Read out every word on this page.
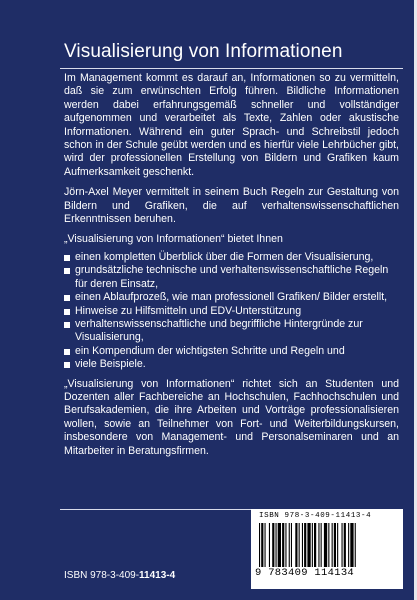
Visualisierung von Informationen

Im Management kommt es darauf an, Informationen so zu vermitteln, daß sie zum erwünschten Erfolg führen. Bildliche Informationen werden dabei erfahrungsgemäß schneller und vollständiger aufgenommen und verarbeitet als Texte, Zahlen oder akustische Informationen. Während ein guter Sprach- und Schreibstil jedoch schon in der Schule geübt werden und es hierfür viele Lehrbücher gibt, wird der professionellen Erstellung von Bildern und Grafiken kaum Aufmerksamkeit geschenkt.

Jörn-Axel Meyer vermittelt in seinem Buch Regeln zur Gestaltung von Bildern und Grafiken, die auf verhaltenswissenschaftlichen Erkenntnissen beruhen.

„Visualisierung von Informationen“ bietet Ihnen

einen kompletten Überblick über die Formen der Visualisierung,
grundsätzliche technische und verhaltenswissenschaftliche Regeln für deren Einsatz,
einen Ablaufprozeß, wie man professionell Grafiken/ Bilder erstellt,
Hinweise zu Hilfsmitteln und EDV-Unterstützung
verhaltenswissenschaftliche und begriffliche Hintergründe zur Visualisierung,
ein Kompendium der wichtigsten Schritte und Regeln und
viele Beispiele.

„Visualisierung von Informationen“ richtet sich an Studenten und Dozenten aller Fachbereiche an Hochschulen, Fachhochschulen und Berufsakademien, die ihre Arbeiten und Vorträge professionalisieren wollen, sowie an Teilnehmer von Fort- und Weiterbildungskursen, insbesondere von Management- und Personalseminaren und an Mitarbeiter in Beratungsfirmen.

ISBN 978-3-409-11413-4
9 783409 114134
ISBN 978-3-409-11413-4
